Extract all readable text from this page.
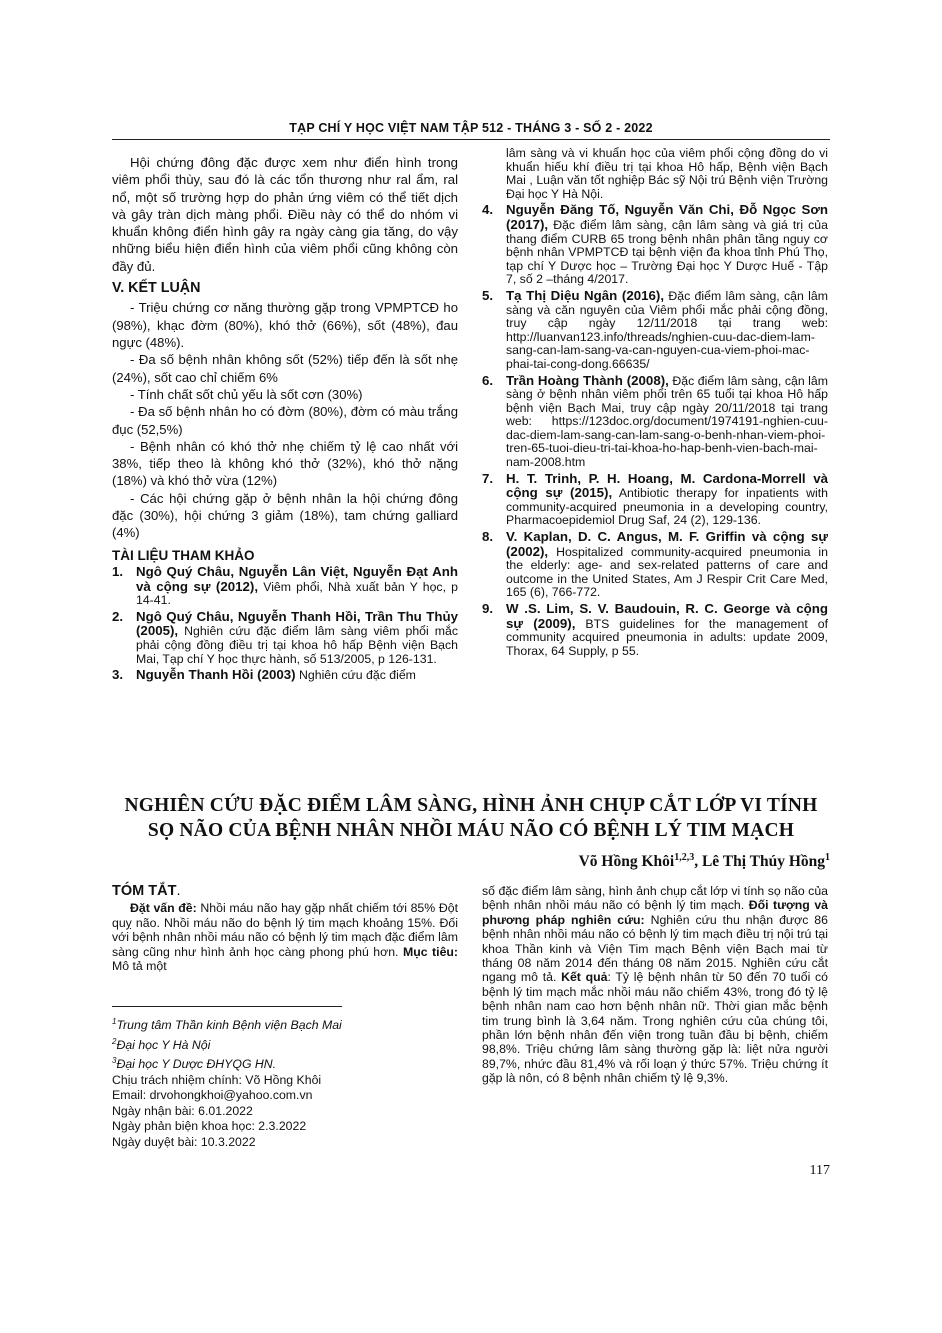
TẠP CHÍ Y HỌC VIỆT NAM TẬP 512 - THÁNG 3 - SỐ 2 - 2022

Hội chứng đông đặc được xem như điển hình trong viêm phổi thùy, sau đó là các tổn thương như ral ẩm, ral nổ, một số trường hợp do phản ứng viêm có thể tiết dịch và gây tràn dịch màng phổi. Điều này có thể do nhóm vi khuẩn không điển hình gây ra ngày càng gia tăng, do vậy những biểu hiện điển hình của viêm phổi cũng không còn đầy đủ.

V. KẾT LUẬN

- Triệu chứng cơ năng thường gặp trong VPMPTCĐ ho (98%), khạc đờm (80%), khó thở (66%), sốt (48%), đau ngực (48%).

- Đa số bệnh nhân không sốt (52%) tiếp đến là sốt nhẹ (24%), sốt cao chỉ chiếm 6%

- Tính chất sốt chủ yếu là sốt cơn (30%)

- Đa số bệnh nhân ho có đờm (80%), đờm có màu trắng đục (52,5%)

- Bệnh nhân có khó thở nhẹ chiếm tỷ lệ cao nhất với 38%, tiếp theo là không khó thở (32%), khó thở nặng (18%) và khó thở vừa (12%)

- Các hội chứng gặp ở bệnh nhân la hội chứng đông đặc (30%), hội chứng 3 giảm (18%), tam chứng galliard (4%)

TÀI LIỆU THAM KHẢO
1. Ngô Quý Châu, Nguyễn Lân Việt, Nguyễn Đạt Anh và cộng sự (2012), Viêm phổi, Nhà xuất bản Y học, p 14-41.
2. Ngô Quý Châu, Nguyễn Thanh Hồi, Trần Thu Thủy (2005), Nghiên cứu đặc điểm lâm sàng viêm phổi mắc phải cộng đồng điều trị tại khoa hô hấp Bệnh viện Bạch Mai, Tạp chí Y học thực hành, số 513/2005, p 126-131.
3. Nguyễn Thanh Hồi (2003) Nghiên cứu đặc điểm
lâm sàng và vi khuẩn học của viêm phổi cộng đồng do vi khuẩn hiếu khí điều trị tại khoa Hô hấp, Bệnh viện Bạch Mai , Luận văn tốt nghiệp Bác sỹ Nội trú Bệnh viện Trường Đại học Y Hà Nội.
4. Nguyễn Đăng Tố, Nguyễn Văn Chi, Đỗ Ngọc Sơn (2017), Đặc điểm lâm sàng, cận lâm sàng và giá trị của thang điểm CURB 65 trong bệnh nhân phân tầng nguy cơ bệnh nhân VPMPTCĐ tại bệnh viện đa khoa tỉnh Phú Thọ, tạp chí Y Dược học – Trường Đại học Y Dược Huế - Tập 7, số 2 –tháng 4/2017.
5. Tạ Thị Diệu Ngân (2016), Đặc điểm lâm sàng, cận lâm sàng và căn nguyên của Viêm phổi mắc phải cộng đồng, truy cập ngày 12/11/2018 tại trang web: http://luanvan123.info/threads/nghien-cuu-dac-diem-lam-sang-can-lam-sang-va-can-nguyen-cua-viem-phoi-mac-phai-tai-cong-dong.66635/
6. Trần Hoàng Thành (2008), Đặc điểm lâm sàng, cận lâm sàng ở bệnh nhân viêm phổi trên 65 tuổi tại khoa Hô hấp bệnh viện Bạch Mai, truy cập ngày 20/11/2018 tại trang web: https://123doc.org/document/1974191-nghien-cuu-dac-diem-lam-sang-can-lam-sang-o-benh-nhan-viem-phoi-tren-65-tuoi-dieu-tri-tai-khoa-ho-hap-benh-vien-bach-mai-nam-2008.htm
7. H. T. Trinh, P. H. Hoang, M. Cardona-Morrell và cộng sự (2015), Antibiotic therapy for inpatients with community-acquired pneumonia in a developing country, Pharmacoepidemiol Drug Saf, 24 (2), 129-136.
8. V. Kaplan, D. C. Angus, M. F. Griffin và cộng sự (2002), Hospitalized community-acquired pneumonia in the elderly: age- and sex-related patterns of care and outcome in the United States, Am J Respir Crit Care Med, 165 (6), 766-772.
9. W .S. Lim, S. V. Baudouin, R. C. George và cộng sự (2009), BTS guidelines for the management of community acquired pneumonia in adults: update 2009, Thorax, 64 Supply, p 55.
NGHIÊN CỨU ĐẶC ĐIỂM LÂM SÀNG, HÌNH ẢNH CHỤP CẮT LỚP VI TÍNH SỌ NÃO CỦA BỆNH NHÂN NHỒI MÁU NÃO CÓ BỆNH LÝ TIM MẠCH
Võ Hồng Khôi$^{1,2,3}$, Lê Thị Thúy Hồng$^1$
TÓM TẮT.

Đặt vấn đề: Nhồi máu não hay gặp nhất chiếm tới 85% Đột quỵ não. Nhồi máu não do bệnh lý tim mạch khoảng 15%. Đối với bệnh nhân nhồi máu não có bệnh lý tim mạch đặc điểm lâm sàng cũng như hình ảnh học càng phong phú hơn. Mục tiêu: Mô tả một

số đặc điểm lâm sàng, hình ảnh chụp cắt lớp vi tính sọ não của bệnh nhân nhồi máu não có bệnh lý tim mạch. Đối tượng và phương pháp nghiên cứu: Nghiên cứu thu nhận được 86 bệnh nhân nhồi máu não có bệnh lý tim mạch điều trị nội trú tại khoa Thần kinh và Viện Tim mạch Bệnh viện Bạch mai từ tháng 08 năm 2014 đến tháng 08 năm 2015. Nghiên cứu cắt ngang mô tả. Kết quả: Tỷ lệ bệnh nhân từ 50 đến 70 tuổi có bệnh lý tim mạch mắc nhồi máu não chiếm 43%, trong đó tỷ lệ bệnh nhân nam cao hơn bệnh nhân nữ. Thời gian mắc bệnh tim trung bình là 3,64 năm. Trong nghiên cứu của chúng tôi, phần lớn bệnh nhân đến viện trong tuần đầu bị bệnh, chiếm 98,8%. Triệu chứng lâm sàng thường gặp là: liệt nửa người 89,7%, nhức đầu 81,4% và rối loạn ý thức 57%. Triệu chứng ít gặp là nôn, có 8 bệnh nhân chiếm tỷ lệ 9,3%.

$^1$Trung tâm Thần kinh Bệnh viện Bạch Mai
$^2$Đại học Y Hà Nội
$^3$Đại học Y Dược ĐHYQG HN.
Chịu trách nhiệm chính: Võ Hồng Khôi
Email: drvohongkhoi@yahoo.com.vn
Ngày nhận bài: 6.01.2022
Ngày phản biện khoa học: 2.3.2022
Ngày duyệt bài: 10.3.2022
117
